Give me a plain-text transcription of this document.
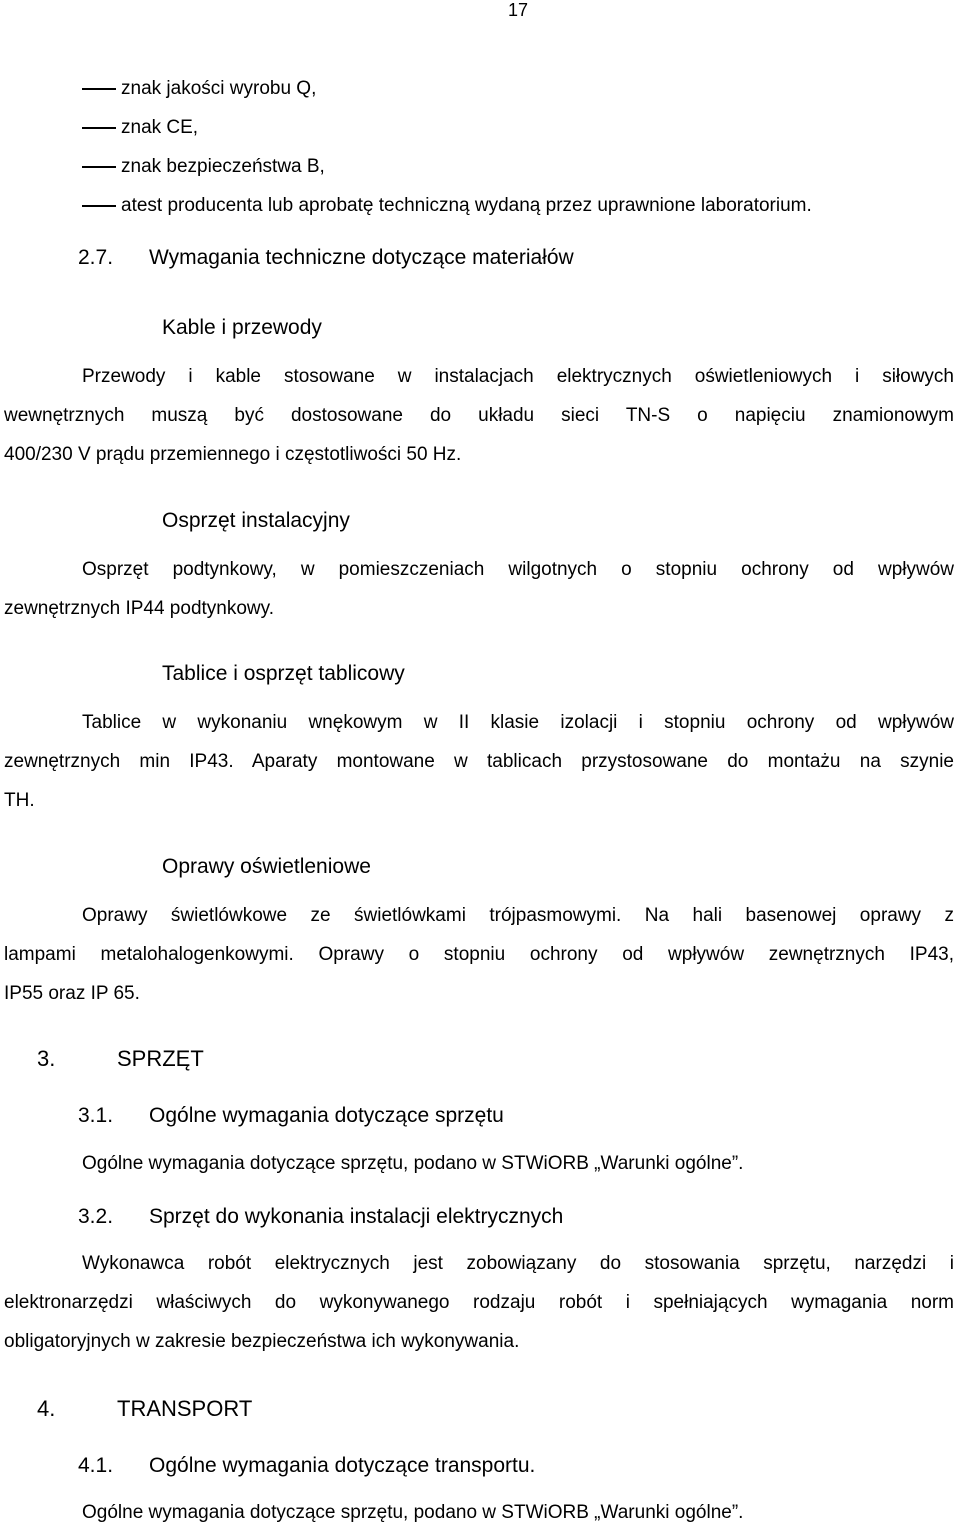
17
znak jakości wyrobu Q,
znak CE,
znak bezpieczeństwa B,
atest producenta lub aprobatę techniczną wydaną przez uprawnione laboratorium.
2.7. Wymagania techniczne dotyczące materiałów
Kable i przewody
Przewody i kable stosowane w instalacjach elektrycznych oświetleniowych i siłowych
wewnętrznych muszą być dostosowane do układu sieci TN-S o napięciu znamionowym
400/230 V prądu przemiennego i częstotliwości 50 Hz.
Osprzęt instalacyjny
Osprzęt podtynkowy, w pomieszczeniach wilgotnych o stopniu ochrony od wpływów
zewnętrznych IP44 podtynkowy.
Tablice i osprzęt tablicowy
Tablice w wykonaniu wnękowym w II klasie izolacji i stopniu ochrony od wpływów
zewnętrznych min IP43. Aparaty montowane w tablicach przystosowane do montażu na szynie
TH.
Oprawy oświetleniowe
Oprawy świetlówkowe ze świetlówkami trójpasmowymi. Na hali basenowej oprawy z
lampami metalohalogenkowymi. Oprawy o stopniu ochrony od wpływów zewnętrznych IP43,
IP55 oraz IP 65.
3.	SPRZĘT
3.1. Ogólne wymagania dotyczące sprzętu
Ogólne wymagania dotyczące sprzętu, podano w STWiORB „Warunki ogólne”.
3.2. Sprzęt do wykonania instalacji elektrycznych
Wykonawca robót elektrycznych jest zobowiązany do stosowania sprzętu, narzędzi i
elektronarzędzi właściwych do wykonywanego rodzaju robót i spełniających wymagania norm
obligatoryjnych w zakresie bezpieczeństwa ich wykonywania.
4.	TRANSPORT
4.1. Ogólne wymagania dotyczące transportu.
Ogólne wymagania dotyczące sprzętu, podano w STWiORB „Warunki ogólne”.
